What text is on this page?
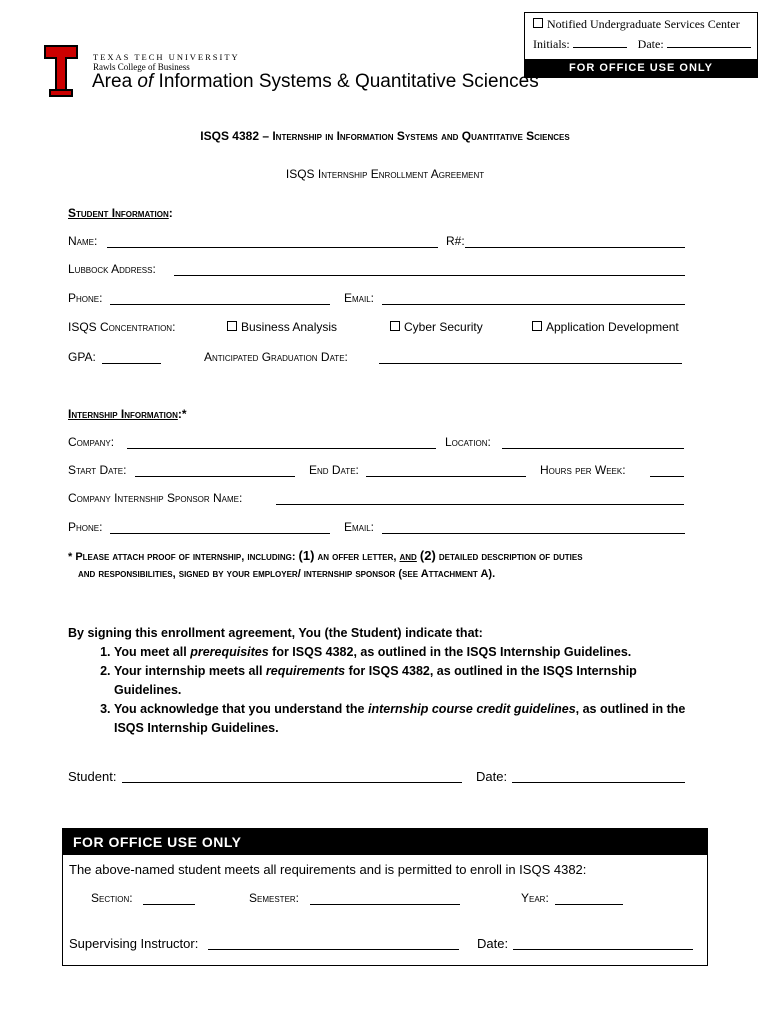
Notified Undergraduate Services Center
Initials:	Date:
FOR OFFICE USE ONLY
TEXAS TECH UNIVERSITY
Rawls College of Business
Area of Information Systems & Quantitative Sciences™
ISQS 4382 – Internship in Information Systems and Quantitative Sciences
ISQS Internship Enrollment Agreement
Student Information:
Name:	R#:
Lubbock Address:
Phone:	Email:
ISQS Concentration:	Business Analysis	Cyber Security	Application Development
GPA:	Anticipated Graduation Date:
Internship Information:*
Company:	Location:
Start Date:	End Date:	Hours per Week:
Company Internship Sponsor Name:
Phone:	Email:
* Please attach proof of internship, including: (1) an offer letter, and (2) detailed description of duties
and responsibilities, signed by your employer/ internship sponsor (see Attachment A).
By signing this enrollment agreement, You (the Student) indicate that:
1. You meet all prerequisites for ISQS 4382, as outlined in the ISQS Internship Guidelines.
2. Your internship meets all requirements for ISQS 4382, as outlined in the ISQS Internship Guidelines.
3. You acknowledge that you understand the internship course credit guidelines, as outlined in the ISQS Internship Guidelines.
Student:	Date:
FOR OFFICE USE ONLY
The above-named student meets all requirements and is permitted to enroll in ISQS 4382:
Section:	Semester:	Year:
Supervising Instructor:	Date:
